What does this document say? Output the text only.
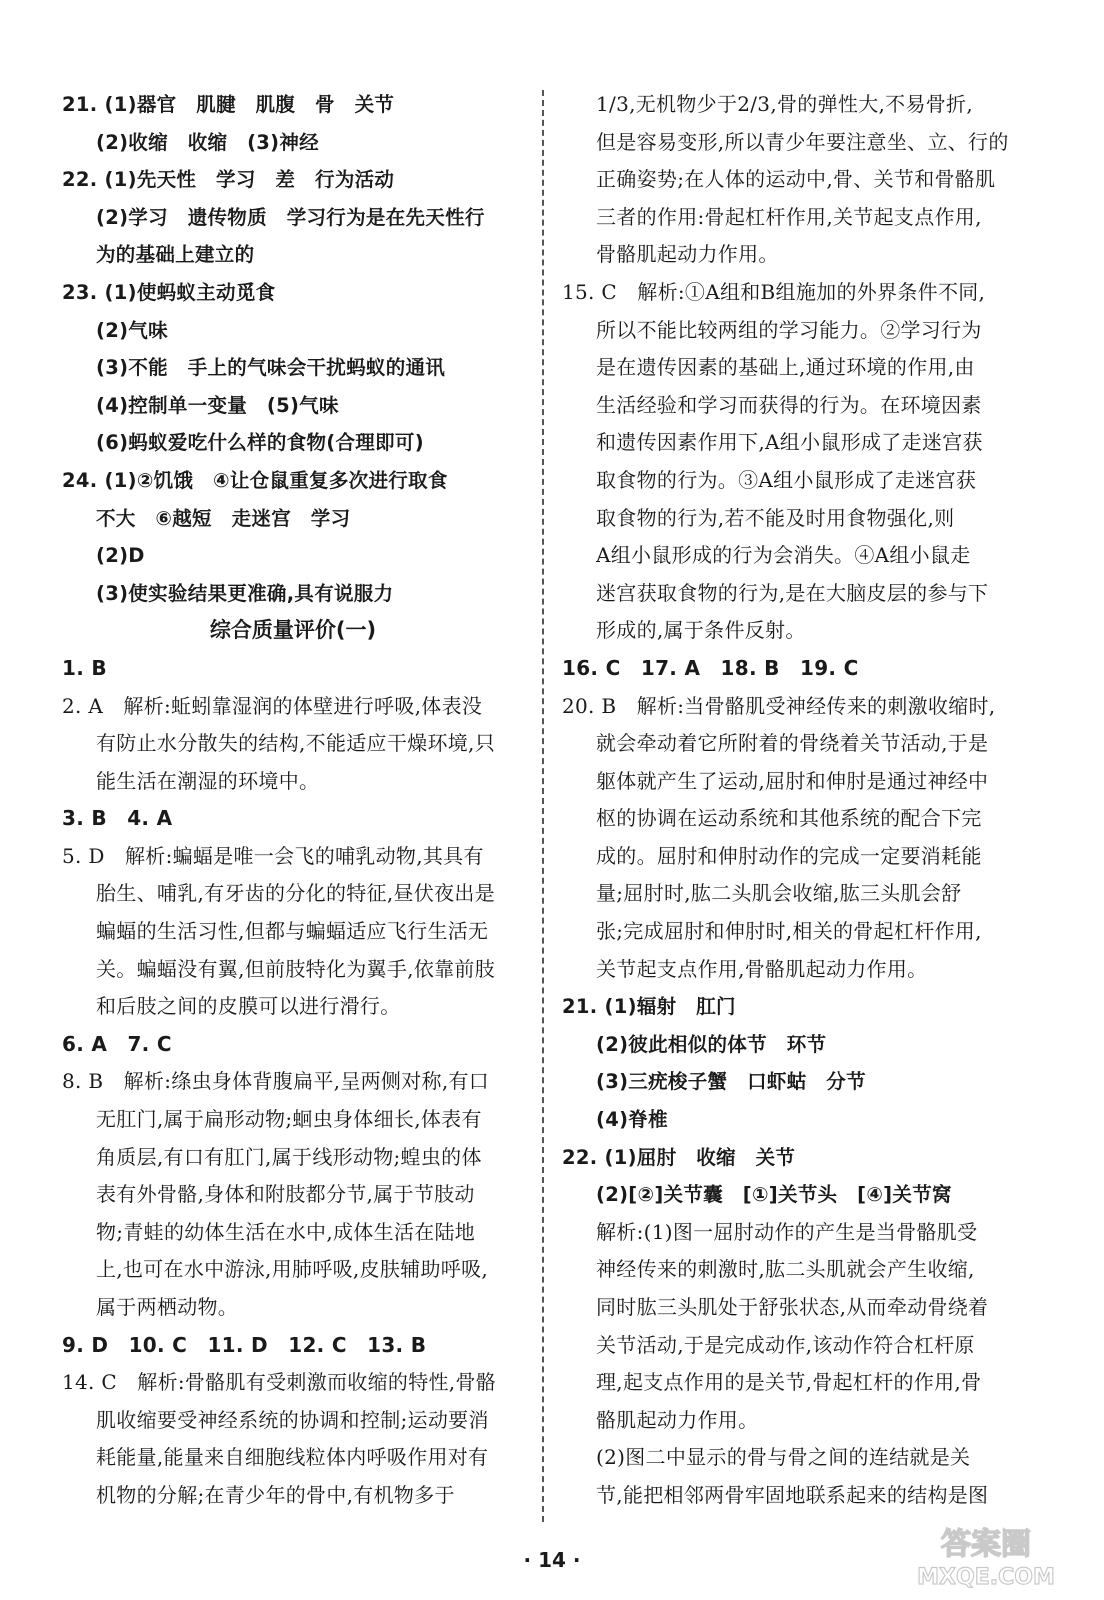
21. (1)器官　肌腱　肌腹　骨　关节
(2)收缩　收缩　(3)神经
22. (1)先天性　学习　差　行为活动
(2)学习　遗传物质　学习行为是在先天性行
为的基础上建立的
23. (1)使蚂蚁主动觅食
(2)气味
(3)不能　手上的气味会干扰蚂蚁的通讯
(4)控制单一变量　(5)气味
(6)蚂蚁爱吃什么样的食物(合理即可)
24. (1)②饥饿　④让仓鼠重复多次进行取食
不大　⑥越短　走迷宫　学习
(2)D
(3)使实验结果更准确,具有说服力
综合质量评价(一)
1. B
2. A　解析:蚯蚓靠湿润的体壁进行呼吸,体表没
有防止水分散失的结构,不能适应干燥环境,只
能生活在潮湿的环境中。
3. B　4. A
5. D　解析:蝙蝠是唯一会飞的哺乳动物,其具有
胎生、哺乳,有牙齿的分化的特征,昼伏夜出是
蝙蝠的生活习性,但都与蝙蝠适应飞行生活无
关。蝙蝠没有翼,但前肢特化为翼手,依靠前肢
和后肢之间的皮膜可以进行滑行。
6. A　7. C
8. B　解析:绦虫身体背腹扁平,呈两侧对称,有口
无肛门,属于扁形动物;蛔虫身体细长,体表有
角质层,有口有肛门,属于线形动物;蝗虫的体
表有外骨骼,身体和附肢都分节,属于节肢动
物;青蛙的幼体生活在水中,成体生活在陆地
上,也可在水中游泳,用肺呼吸,皮肤辅助呼吸,
属于两栖动物。
9. D　10. C　11. D　12. C　13. B
14. C　解析:骨骼肌有受刺激而收缩的特性,骨骼
肌收缩要受神经系统的协调和控制;运动要消
耗能量,能量来自细胞线粒体内呼吸作用对有
机物的分解;在青少年的骨中,有机物多于
1/3,无机物少于2/3,骨的弹性大,不易骨折,
但是容易变形,所以青少年要注意坐、立、行的
正确姿势;在人体的运动中,骨、关节和骨骼肌
三者的作用:骨起杠杆作用,关节起支点作用,
骨骼肌起动力作用。
15. C　解析:①A组和B组施加的外界条件不同,
所以不能比较两组的学习能力。②学习行为
是在遗传因素的基础上,通过环境的作用,由
生活经验和学习而获得的行为。在环境因素
和遗传因素作用下,A组小鼠形成了走迷宫获
取食物的行为。③A组小鼠形成了走迷宫获
取食物的行为,若不能及时用食物强化,则
A组小鼠形成的行为会消失。④A组小鼠走
迷宫获取食物的行为,是在大脑皮层的参与下
形成的,属于条件反射。
16. C　17. A　18. B　19. C
20. B　解析:当骨骼肌受神经传来的刺激收缩时,
就会牵动着它所附着的骨绕着关节活动,于是
躯体就产生了运动,屈肘和伸肘是通过神经中
枢的协调在运动系统和其他系统的配合下完
成的。屈肘和伸肘动作的完成一定要消耗能
量;屈肘时,肱二头肌会收缩,肱三头肌会舒
张;完成屈肘和伸肘时,相关的骨起杠杆作用,
关节起支点作用,骨骼肌起动力作用。
21. (1)辐射　肛门
(2)彼此相似的体节　环节
(3)三疣梭子蟹　口虾蛄　分节
(4)脊椎
22. (1)屈肘　收缩　关节
(2)[②]关节囊　[①]关节头　[④]关节窝
解析:(1)图一屈肘动作的产生是当骨骼肌受
神经传来的刺激时,肱二头肌就会产生收缩,
同时肱三头肌处于舒张状态,从而牵动骨绕着
关节活动,于是完成动作,该动作符合杠杆原
理,起支点作用的是关节,骨起杠杆的作用,骨
骼肌起动力作用。
(2)图二中显示的骨与骨之间的连结就是关
节,能把相邻两骨牢固地联系起来的结构是图
· 14 ·	答案圈
MXQE.COM
